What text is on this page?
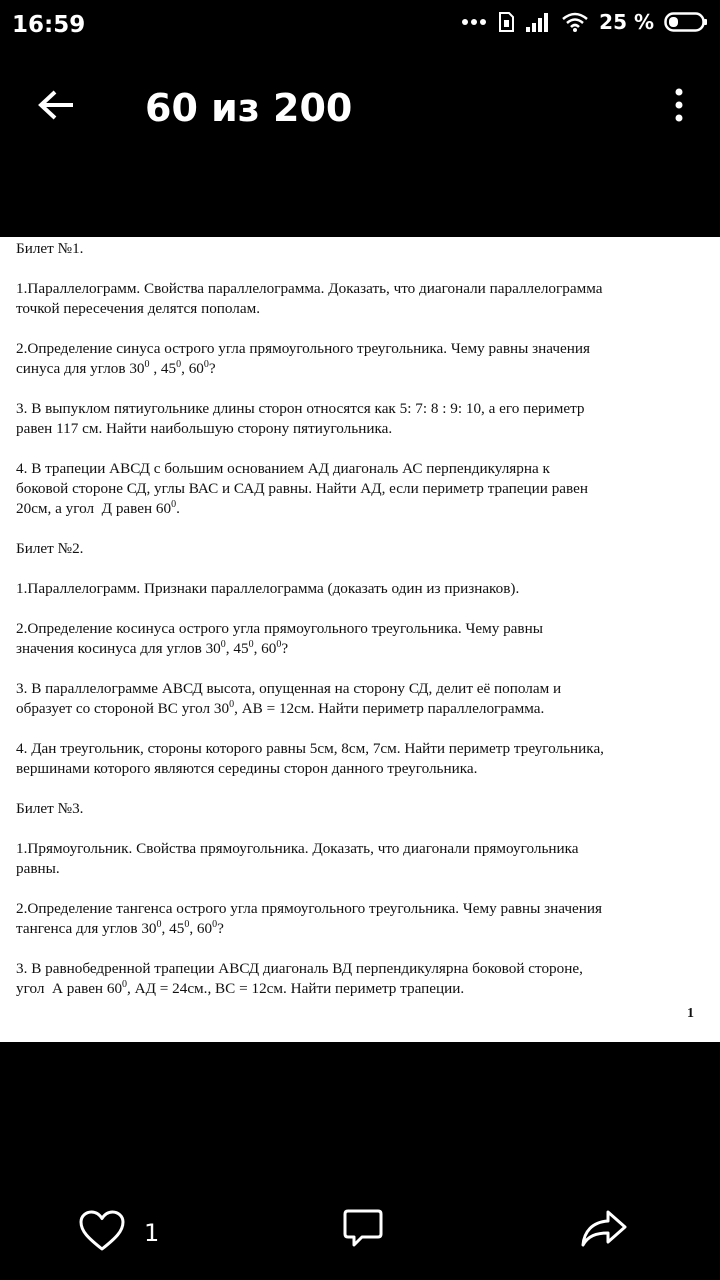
16:59	25 %
60 из 200
Билет №1.
1.Параллелограмм. Свойства параллелограмма. Доказать, что диагонали параллелограмма
точкой пересечения делятся пополам.
2.Определение синуса острого угла прямоугольного треугольника. Чему равны значения
синуса для углов $30^0$ , $45^0$, $60^0$?
3. В выпуклом пятиугольнике длины сторон относятся как 5: 7: 8 : 9: 10, а его периметр
равен 117 см. Найти наибольшую сторону пятиугольника.
4. В трапеции АВСД с большим основанием АД диагональ АС перпендикулярна к
боковой стороне СД, углы ВАС и САД равны. Найти АД, если периметр трапеции равен
20см, а угол  Д равен $60^0$.
Билет №2.
1.Параллелограмм. Признаки параллелограмма (доказать один из признаков).
2.Определение косинуса острого угла прямоугольного треугольника. Чему равны
значения косинуса для углов $30^0$, $45^0$, $60^0$?
3. В параллелограмме АВСД высота, опущенная на сторону СД, делит её пополам и
образует со стороной ВС угол $30^0$, АВ = 12см. Найти периметр параллелограмма.
4. Дан треугольник, стороны которого равны 5см, 8см, 7см. Найти периметр треугольника,
вершинами которого являются середины сторон данного треугольника.
Билет №3.
1.Прямоугольник. Свойства прямоугольника. Доказать, что диагонали прямоугольника
равны.
2.Определение тангенса острого угла прямоугольного треугольника. Чему равны значения
тангенса для углов $30^0$, $45^0$, $60^0$?
3. В равнобедренной трапеции АВСД диагональ ВД перпендикулярна боковой стороне,
угол  А равен $60^0$, АД = 24см., ВС = 12см. Найти периметр трапеции.
1
1
